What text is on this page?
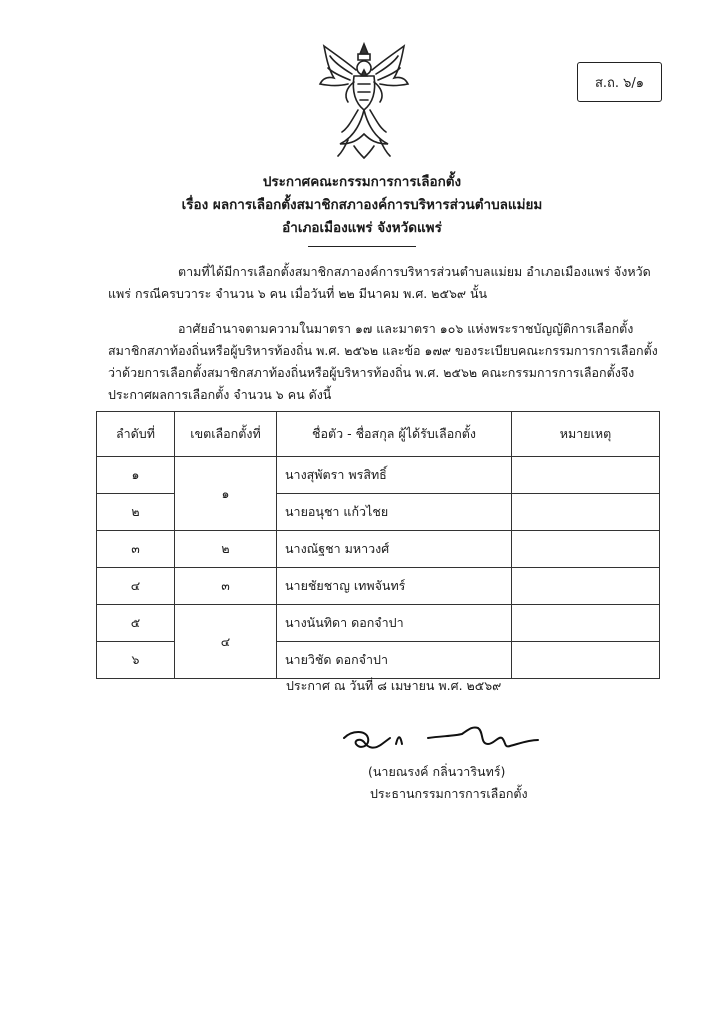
ส.ถ. ๖/๑
ประกาศคณะกรรมการการเลือกตั้ง
เรื่อง ผลการเลือกตั้งสมาชิกสภาองค์การบริหารส่วนตำบลแม่ยม
อำเภอเมืองแพร่ จังหวัดแพร่
ตามที่ได้มีการเลือกตั้งสมาชิกสภาองค์การบริหารส่วนตำบลแม่ยม อำเภอเมืองแพร่ จังหวัดแพร่ กรณีครบวาระ จำนวน ๖ คน เมื่อวันที่ ๒๒ มีนาคม พ.ศ. ๒๕๖๙ นั้น
อาศัยอำนาจตามความในมาตรา ๑๗ และมาตรา ๑๐๖ แห่งพระราชบัญญัติการเลือกตั้งสมาชิกสภาท้องถิ่นหรือผู้บริหารท้องถิ่น พ.ศ. ๒๕๖๒ และข้อ ๑๗๙ ของระเบียบคณะกรรมการการเลือกตั้งว่าด้วยการเลือกตั้งสมาชิกสภาท้องถิ่นหรือผู้บริหารท้องถิ่น พ.ศ. ๒๕๖๒ คณะกรรมการการเลือกตั้งจึงประกาศผลการเลือกตั้ง จำนวน ๖ คน ดังนี้
ลำดับที่	เขตเลือกตั้งที่	ชื่อตัว - ชื่อสกุล ผู้ได้รับเลือกตั้ง	หมายเหตุ
๑	๑	นางสุพัตรา พรสิทธิ์	
๒		นายอนุชา แก้วไชย	
๓	๒	นางณัฐชา มหาวงศ์	
๔	๓	นายชัยชาญ เทพจันทร์	
๕	๔	นางนันทิดา ดอกจำปา	
๖		นายวิชัด ดอกจำปา	
ประกาศ ณ วันที่ ๘ เมษายน พ.ศ. ๒๕๖๙
(นายณรงค์ กลิ่นวารินทร์)
ประธานกรรมการการเลือกตั้ง
